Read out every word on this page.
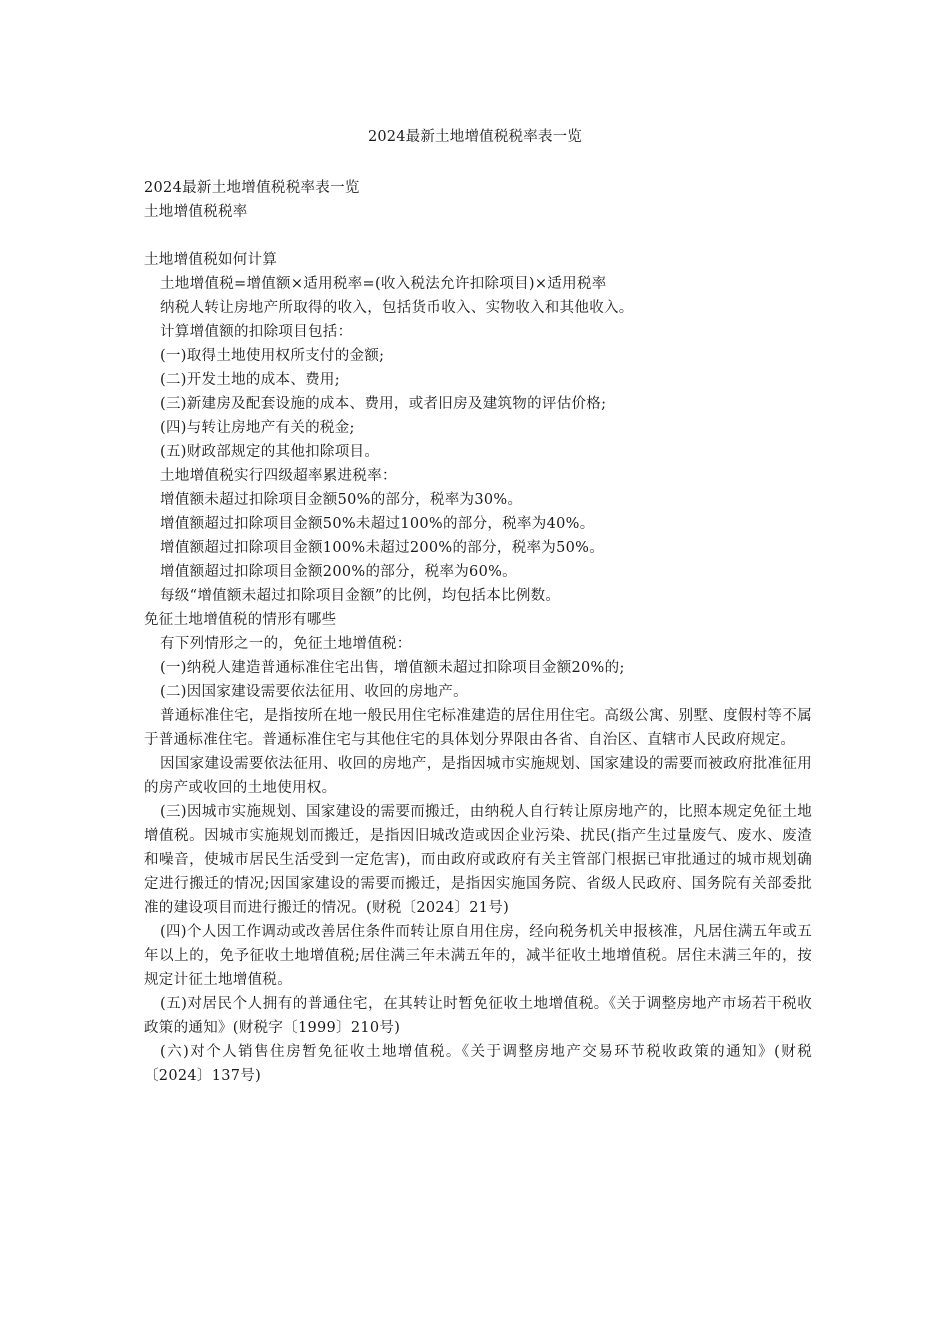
2024最新土地增值税税率表一览

2024最新土地增值税税率表一览

土地增值税税率

土地增值税如何计算

土地增值税=增值额×适用税率=(收入税法允许扣除项目)×适用税率

纳税人转让房地产所取得的收入，包括货币收入、实物收入和其他收入。

计算增值额的扣除项目包括：

(一)取得土地使用权所支付的金额;

(二)开发土地的成本、费用;

(三)新建房及配套设施的成本、费用，或者旧房及建筑物的评估价格;

(四)与转让房地产有关的税金;

(五)财政部规定的其他扣除项目。

土地增值税实行四级超率累进税率：

增值额未超过扣除项目金额50%的部分，税率为30%。

增值额超过扣除项目金额50%未超过100%的部分，税率为40%。

增值额超过扣除项目金额100%未超过200%的部分，税率为50%。

增值额超过扣除项目金额200%的部分，税率为60%。

每级“增值额未超过扣除项目金额”的比例，均包括本比例数。

免征土地增值税的情形有哪些

有下列情形之一的，免征土地增值税：

(一)纳税人建造普通标准住宅出售，增值额未超过扣除项目金额20%的;

(二)因国家建设需要依法征用、收回的房地产。

普通标准住宅，是指按所在地一般民用住宅标准建造的居住用住宅。高级公寓、别墅、度假村等不属于普通标准住宅。普通标准住宅与其他住宅的具体划分界限由各省、自治区、直辖市人民政府规定。

因国家建设需要依法征用、收回的房地产，是指因城市实施规划、国家建设的需要而被政府批准征用的房产或收回的土地使用权。

(三)因城市实施规划、国家建设的需要而搬迁，由纳税人自行转让原房地产的，比照本规定免征土地增值税。因城市实施规划而搬迁，是指因旧城改造或因企业污染、扰民(指产生过量废气、废水、废渣和噪音，使城市居民生活受到一定危害)，而由政府或政府有关主管部门根据已审批通过的城市规划确定进行搬迁的情况;因国家建设的需要而搬迁，是指因实施国务院、省级人民政府、国务院有关部委批准的建设项目而进行搬迁的情况。(财税〔2024〕21号)

(四)个人因工作调动或改善居住条件而转让原自用住房，经向税务机关申报核准，凡居住满五年或五年以上的，免予征收土地增值税;居住满三年未满五年的，减半征收土地增值税。居住未满三年的，按规定计征土地增值税。

(五)对居民个人拥有的普通住宅，在其转让时暂免征收土地增值税。《关于调整房地产市场若干税收政策的通知》(财税字〔1999〕210号)

(六)对个人销售住房暂免征收土地增值税。《关于调整房地产交易环节税收政策的通知》(财税〔2024〕137号)
